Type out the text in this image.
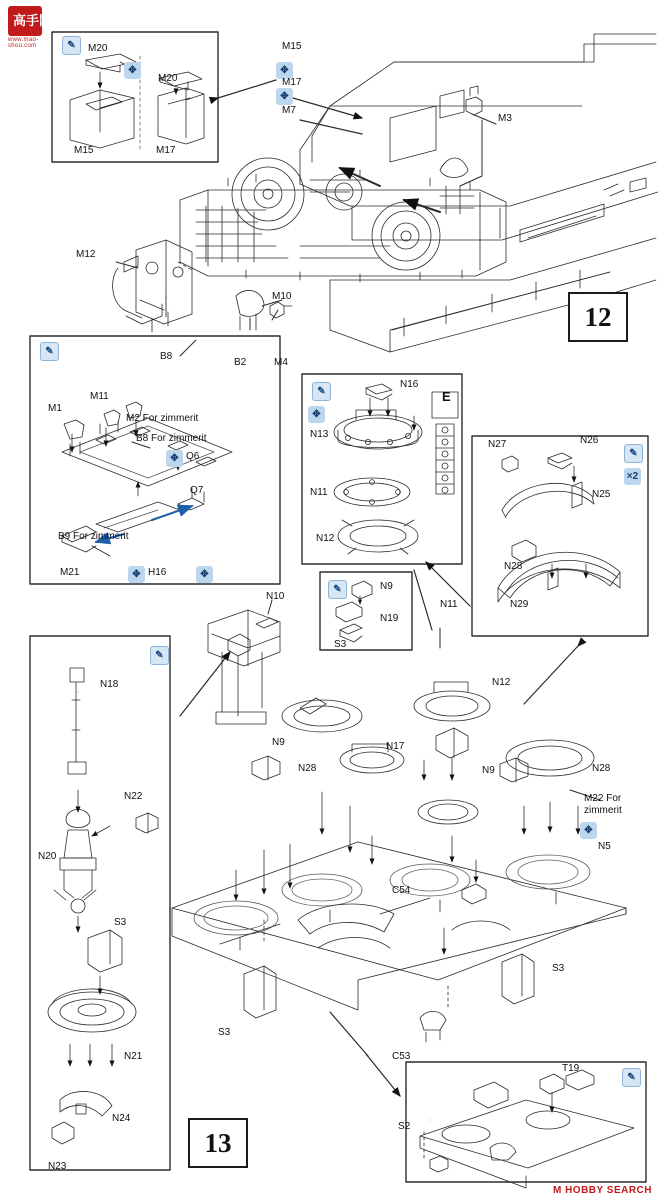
高手网
www.mao-shou.com
12
13
✎
✥	✥
✥
✎
✥
✥	✥
✎
✥
✎
×2
✎
✎
✥
✎
M20
M20
M15	M17
M15
M17
M7
M3
M12
M10
B8
B2	M4
M11
M1
M2 For zimmerit
B8 For zimmerit
Q6
Q7
B9 For zimmerit
M21	H16
N16
N13
N11
N12
E
N27	N26
N25
N28
N29
N9
N19
S3
N10
N11
N12
N9
N28
N17
N9	N28
M22 For
zimmerit
N5
C54
C53
S3
S3
N18
N22
N20
S3
N21
N24
N23
T19
S2
M HOBBY SEARCH
